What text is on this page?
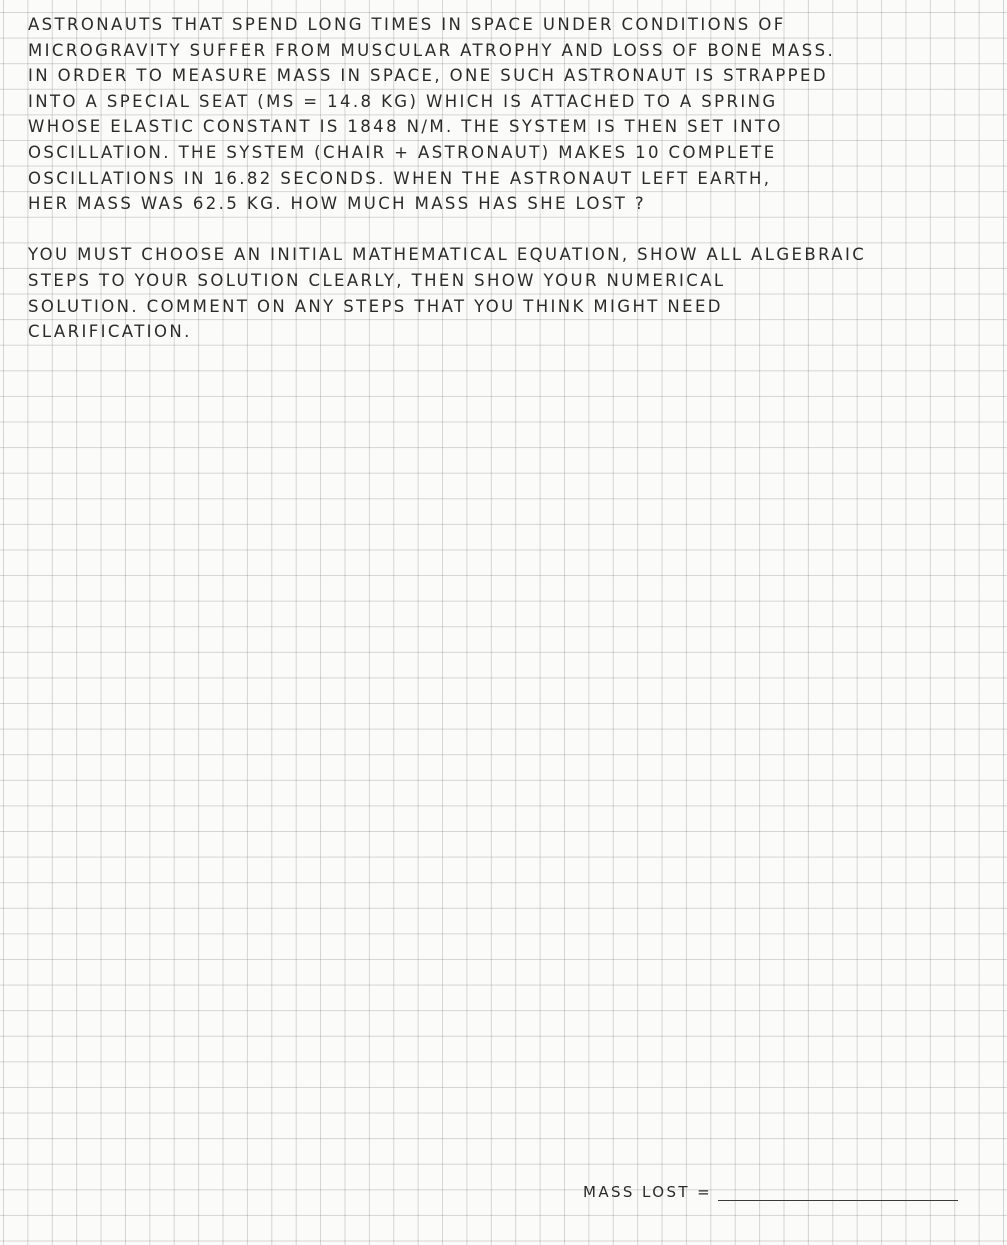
ASTRONAUTS THAT SPEND LONG TIMES IN SPACE UNDER CONDITIONS OF
MICROGRAVITY SUFFER FROM MUSCULAR ATROPHY AND LOSS OF BONE MASS.
IN ORDER TO MEASURE MASS IN SPACE, ONE SUCH ASTRONAUT IS STRAPPED
INTO A SPECIAL SEAT (MS = 14.8 KG) WHICH IS ATTACHED TO A SPRING
WHOSE ELASTIC CONSTANT IS 1848 N/M. THE SYSTEM IS THEN SET INTO
OSCILLATION. THE SYSTEM (CHAIR + ASTRONAUT) MAKES 10 COMPLETE
OSCILLATIONS IN 16.82 SECONDS. WHEN THE ASTRONAUT LEFT EARTH,
HER MASS WAS 62.5 KG. HOW MUCH MASS HAS SHE LOST ?
YOU MUST CHOOSE AN INITIAL MATHEMATICAL EQUATION, SHOW ALL ALGEBRAIC
STEPS TO YOUR SOLUTION CLEARLY, THEN SHOW YOUR NUMERICAL
SOLUTION. COMMENT ON ANY STEPS THAT YOU THINK MIGHT NEED
CLARIFICATION.
MASS LOST =
